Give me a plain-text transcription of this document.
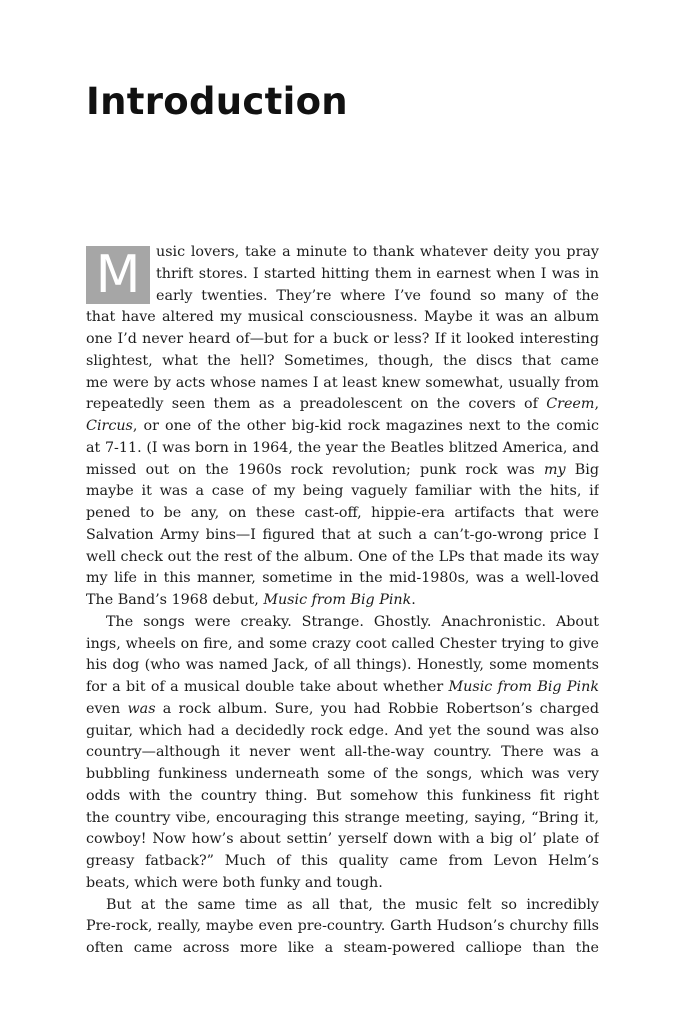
Introduction
M	usic lovers, take a minute to thank whatever deity you pray
thrift stores. I started hitting them in earnest when I was in
early twenties. They’re where I’ve found so many of the
that have altered my musical consciousness. Maybe it was an album
one I’d never heard of—but for a buck or less? If it looked interesting
slightest, what the hell? Sometimes, though, the discs that came
me were by acts whose names I at least knew somewhat, usually from
repeatedly seen them as a preadolescent on the covers of Creem,
Circus, or one of the other big-kid rock magazines next to the comic
at 7-11. (I was born in 1964, the year the Beatles blitzed America, and
missed out on the 1960s rock revolution; punk rock was my Big
maybe it was a case of my being vaguely familiar with the hits, if
pened to be any, on these cast-off, hippie-era artifacts that were
Salvation Army bins—I figured that at such a can’t-go-wrong price I
well check out the rest of the album. One of the LPs that made its way
my life in this manner, sometime in the mid-1980s, was a well-loved
The Band’s 1968 debut, Music from Big Pink.
The songs were creaky. Strange. Ghostly. Anachronistic. About
ings, wheels on fire, and some crazy coot called Chester trying to give
his dog (who was named Jack, of all things). Honestly, some moments
for a bit of a musical double take about whether Music from Big Pink
even was a rock album. Sure, you had Robbie Robertson’s charged
guitar, which had a decidedly rock edge. And yet the sound was also
country—although it never went all-the-way country. There was a
bubbling funkiness underneath some of the songs, which was very
odds with the country thing. But somehow this funkiness fit right
the country vibe, encouraging this strange meeting, saying, “Bring it,
cowboy! Now how’s about settin’ yerself down with a big ol’ plate of
greasy fatback?” Much of this quality came from Levon Helm’s
beats, which were both funky and tough.
But at the same time as all that, the music felt so incredibly
Pre-rock, really, maybe even pre-country. Garth Hudson’s churchy fills
often came across more like a steam-powered calliope than the
